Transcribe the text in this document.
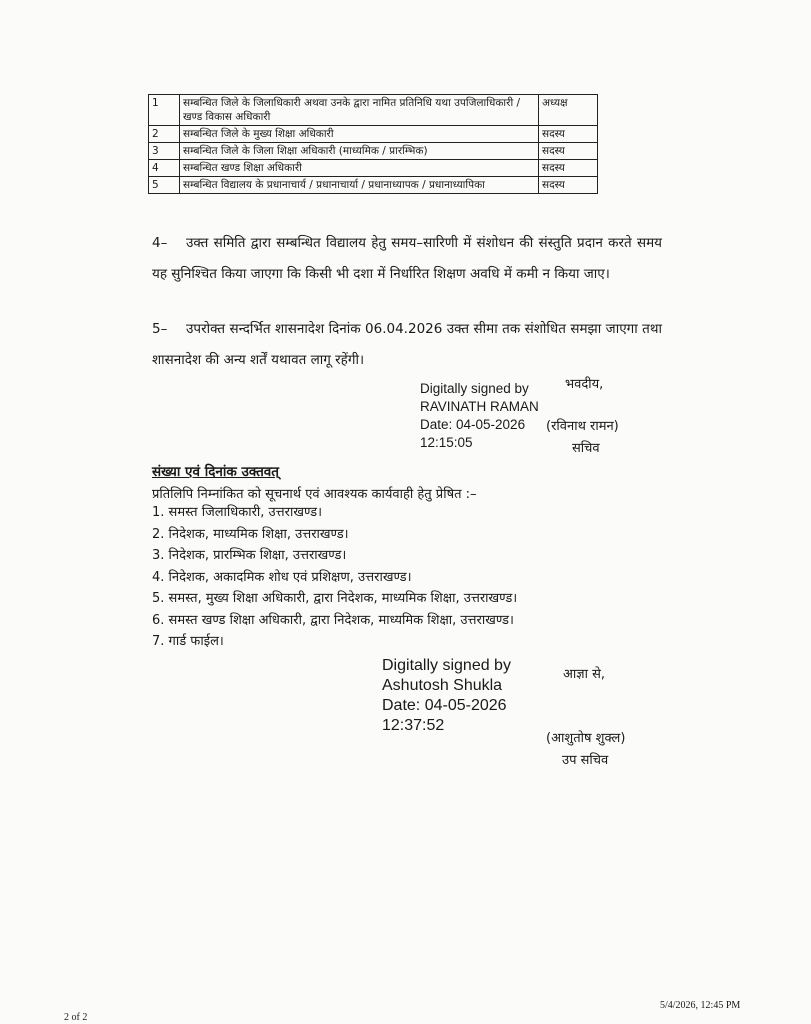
1	सम्बन्धित जिले के जिलाधिकारी अथवा उनके द्वारा नामित प्रतिनिधि यथा उपजिलाधिकारी / खण्ड विकास अधिकारी	अध्यक्ष
2	सम्बन्धित जिले के मुख्य शिक्षा अधिकारी	सदस्य
3	सम्बन्धित जिले के जिला शिक्षा अधिकारी (माध्यमिक / प्रारम्भिक)	सदस्य
4	सम्बन्धित खण्ड शिक्षा अधिकारी	सदस्य
5	सम्बन्धित विद्यालय के प्रधानाचार्य / प्रधानाचार्या / प्रधानाध्यापक / प्रधानाध्यापिका	सदस्य
4– उक्त समिति द्वारा सम्बन्धित विद्यालय हेतु समय–सारिणी में संशोधन की संस्तुति प्रदान करते समय यह सुनिश्चित किया जाएगा कि किसी भी दशा में निर्धारित शिक्षण अवधि में कमी न किया जाए।
5– उपरोक्त सन्दर्भित शासनादेश दिनांक 06.04.2026 उक्त सीमा तक संशोधित समझा जाएगा तथा शासनादेश की अन्य शर्तें यथावत लागू रहेंगी।
Digitally signed by
RAVINATH RAMAN
Date: 04-05-2026
12:15:05
भवदीय,
(रविनाथ रामन)
सचिव
संख्या एवं दिनांक उक्तवत्
प्रतिलिपि निम्नांकित को सूचनार्थ एवं आवश्यक कार्यवाही हेतु प्रेषित :–
1. समस्त जिलाधिकारी, उत्तराखण्ड।
2. निदेशक, माध्यमिक शिक्षा, उत्तराखण्ड।
3. निदेशक, प्रारम्भिक शिक्षा, उत्तराखण्ड।
4. निदेशक, अकादमिक शोध एवं प्रशिक्षण, उत्तराखण्ड।
5. समस्त, मुख्य शिक्षा अधिकारी, द्वारा निदेशक, माध्यमिक शिक्षा, उत्तराखण्ड।
6. समस्त खण्ड शिक्षा अधिकारी, द्वारा निदेशक, माध्यमिक शिक्षा, उत्तराखण्ड।
7. गार्ड फाईल।
Digitally signed by
Ashutosh Shukla
Date: 04-05-2026
12:37:52
आज्ञा से,
(आशुतोष शुक्ल)
उप सचिव
5/4/2026, 12:45 PM
2 of 2
